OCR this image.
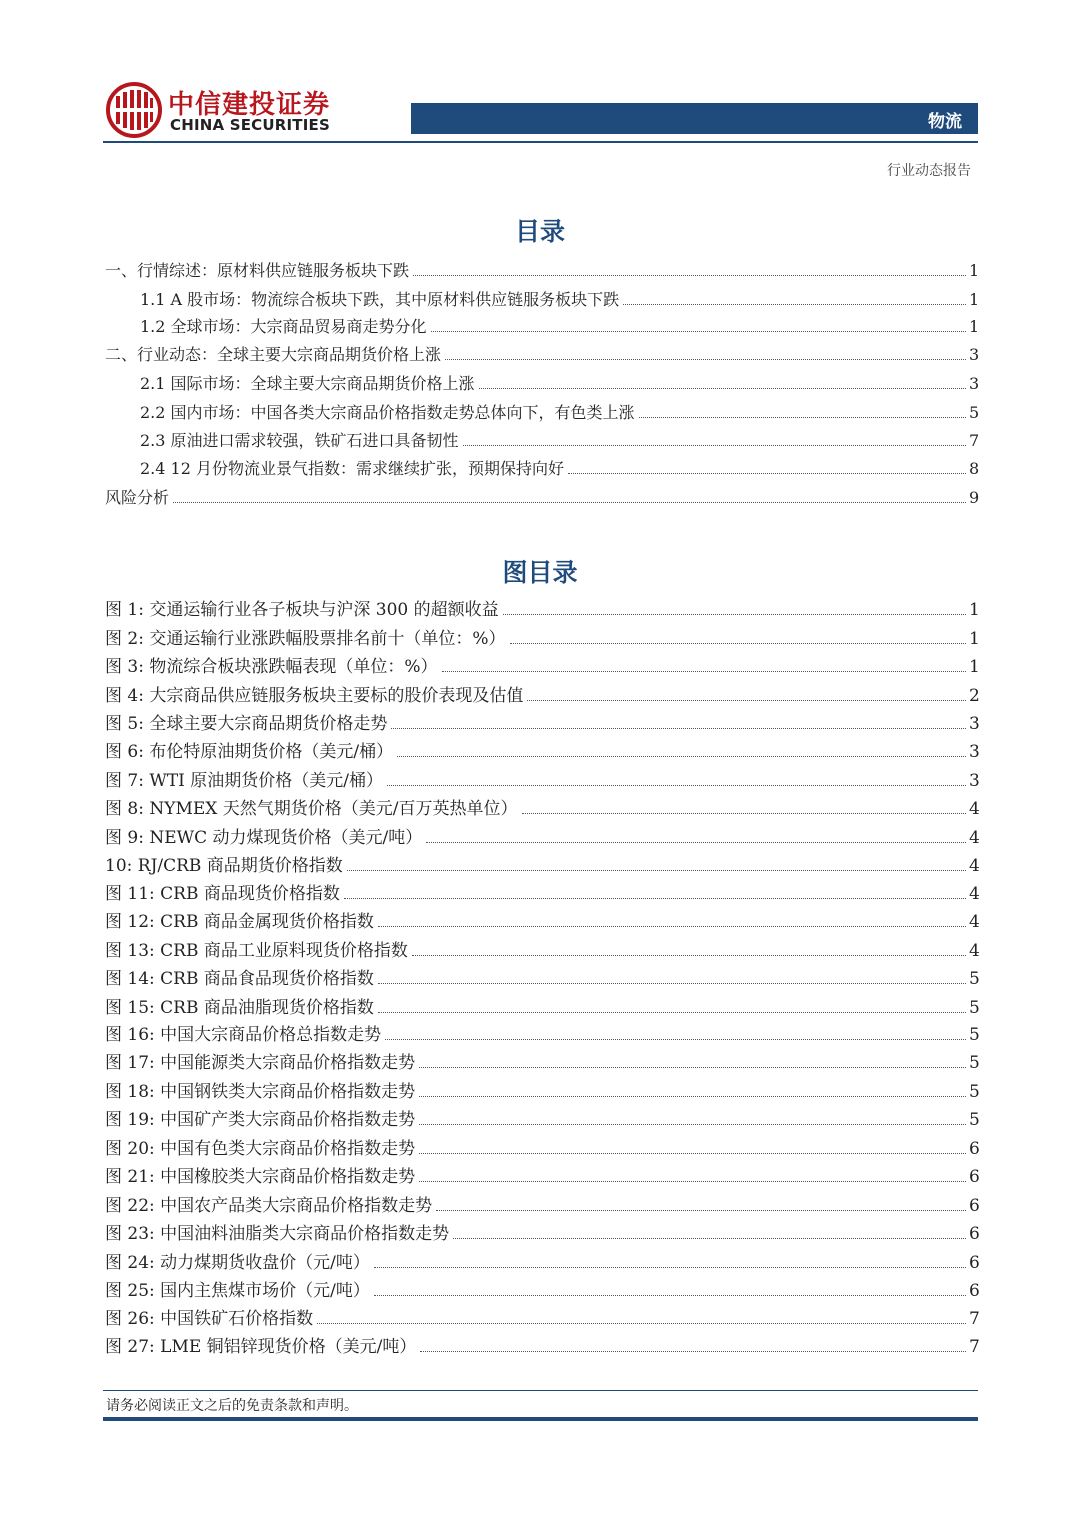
中信建投证券
CHINA SECURITIES	物流
行业动态报告
目录
一、行情综述：原材料供应链服务板块下跌	1
1.1 A 股市场：物流综合板块下跌，其中原材料供应链服务板块下跌	1
1.2 全球市场：大宗商品贸易商走势分化	1
二、行业动态：全球主要大宗商品期货价格上涨	3
2.1 国际市场：全球主要大宗商品期货价格上涨	3
2.2 国内市场：中国各类大宗商品价格指数走势总体向下，有色类上涨	5
2.3 原油进口需求较强，铁矿石进口具备韧性	7
2.4 12 月份物流业景气指数：需求继续扩张，预期保持向好	8
风险分析	9
图目录
图 1: 交通运输行业各子板块与沪深 300 的超额收益	1
图 2: 交通运输行业涨跌幅股票排名前十（单位：%）	1
图 3: 物流综合板块涨跌幅表现（单位：%）	1
图 4: 大宗商品供应链服务板块主要标的股价表现及估值	2
图 5: 全球主要大宗商品期货价格走势	3
图 6: 布伦特原油期货价格（美元/桶）	3
图 7: WTI 原油期货价格（美元/桶）	3
图 8: NYMEX 天然气期货价格（美元/百万英热单位）	4
图 9: NEWC 动力煤现货价格（美元/吨）	4
10: RJ/CRB 商品期货价格指数	4
图 11: CRB 商品现货价格指数	4
图 12: CRB 商品金属现货价格指数	4
图 13: CRB 商品工业原料现货价格指数	4
图 14: CRB 商品食品现货价格指数	5
图 15: CRB 商品油脂现货价格指数	5
图 16: 中国大宗商品价格总指数走势	5
图 17: 中国能源类大宗商品价格指数走势	5
图 18: 中国钢铁类大宗商品价格指数走势	5
图 19: 中国矿产类大宗商品价格指数走势	5
图 20: 中国有色类大宗商品价格指数走势	6
图 21: 中国橡胶类大宗商品价格指数走势	6
图 22: 中国农产品类大宗商品价格指数走势	6
图 23: 中国油料油脂类大宗商品价格指数走势	6
图 24: 动力煤期货收盘价（元/吨）	6
图 25: 国内主焦煤市场价（元/吨）	6
图 26: 中国铁矿石价格指数	7
图 27: LME 铜铝锌现货价格（美元/吨）	7
请务必阅读正文之后的免责条款和声明。
